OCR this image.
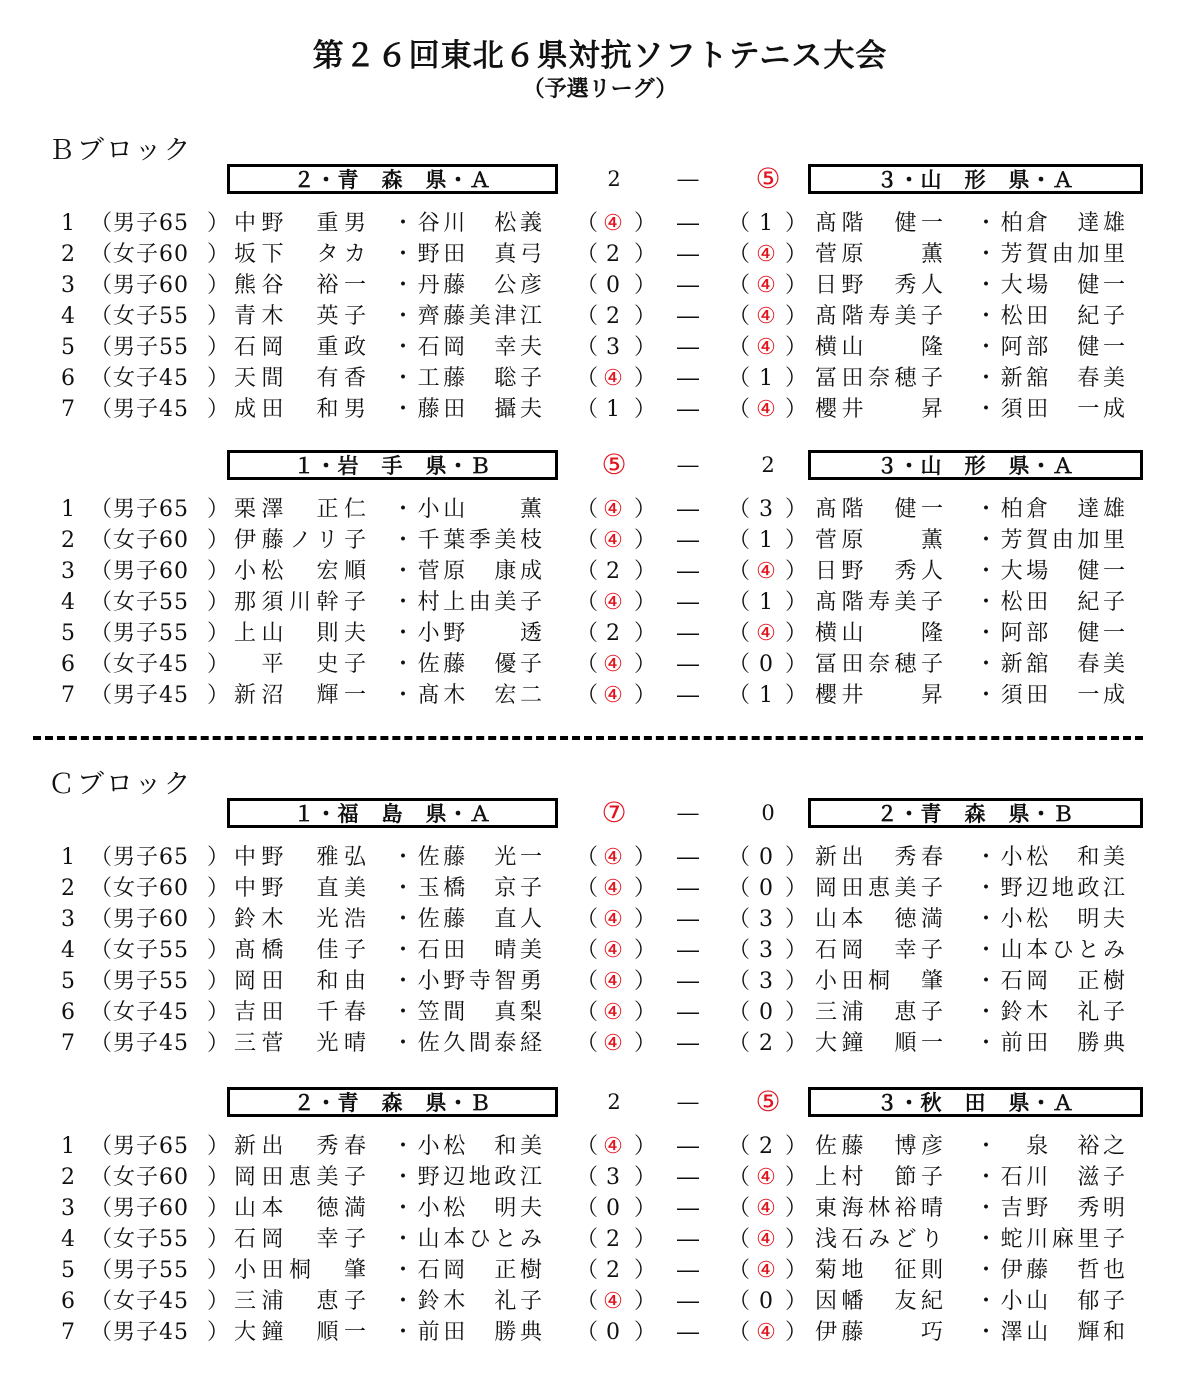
第２６回東北６県対抗ソフトテニス大会
（予選リーグ）
Ｂブロック
２・青　森　県・Ａ	2	―	⑤	３・山　形　県・Ａ
1 （ 男子65 ） 中野　重男 ・谷川　松義 （ ④ ） ― （ 1 ） 髙階　健一 ・柏倉　達雄
2 （ 女子60 ） 坂下　タカ ・野田　真弓 （ 2 ） ― （ ④ ） 菅原　　薫 ・芳賀由加里
3 （ 男子60 ） 熊谷　裕一 ・丹藤　公彦 （ 0 ） ― （ ④ ） 日野　秀人 ・大場　健一
4 （ 女子55 ） 青木　英子 ・齊藤美津江 （ 2 ） ― （ ④ ） 髙階寿美子 ・松田　紀子
5 （ 男子55 ） 石岡　重政 ・石岡　幸夫 （ 3 ） ― （ ④ ） 横山　　隆 ・阿部　健一
6 （ 女子45 ） 天間　有香 ・工藤　聡子 （ ④ ） ― （ 1 ） 冨田奈穂子 ・新舘　春美
7 （ 男子45 ） 成田　和男 ・藤田　攝夫 （ 1 ） ― （ ④ ） 櫻井　　昇 ・須田　一成
１・岩　手　県・Ｂ	⑤	―	2	３・山　形　県・Ａ
1 （ 男子65 ） 栗澤　正仁 ・小山　　薫 （ ④ ） ― （ 3 ） 髙階　健一 ・柏倉　達雄
2 （ 女子60 ） 伊藤ノリ子 ・千葉季美枝 （ ④ ） ― （ 1 ） 菅原　　薫 ・芳賀由加里
3 （ 男子60 ） 小松　宏順 ・菅原　康成 （ 2 ） ― （ ④ ） 日野　秀人 ・大場　健一
4 （ 女子55 ） 那須川幹子 ・村上由美子 （ ④ ） ― （ 1 ） 髙階寿美子 ・松田　紀子
5 （ 男子55 ） 上山　則夫 ・小野　　透 （ 2 ） ― （ ④ ） 横山　　隆 ・阿部　健一
6 （ 女子45 ） 　平　史子 ・佐藤　優子 （ ④ ） ― （ 0 ） 冨田奈穂子 ・新舘　春美
7 （ 男子45 ） 新沼　輝一 ・髙木　宏二 （ ④ ） ― （ 1 ） 櫻井　　昇 ・須田　一成
Ｃブロック
１・福　島　県・Ａ	⑦	―	0	２・青　森　県・Ｂ
1 （ 男子65 ） 中野　雅弘 ・佐藤　光一 （ ④ ） ― （ 0 ） 新出　秀春 ・小松　和美
2 （ 女子60 ） 中野　直美 ・玉橋　京子 （ ④ ） ― （ 0 ） 岡田恵美子 ・野辺地政江
3 （ 男子60 ） 鈴木　光浩 ・佐藤　直人 （ ④ ） ― （ 3 ） 山本　徳満 ・小松　明夫
4 （ 女子55 ） 髙橋　佳子 ・石田　晴美 （ ④ ） ― （ 3 ） 石岡　幸子 ・山本ひとみ
5 （ 男子55 ） 岡田　和由 ・小野寺智勇 （ ④ ） ― （ 3 ） 小田桐　肇 ・石岡　正樹
6 （ 女子45 ） 吉田　千春 ・笠間　真梨 （ ④ ） ― （ 0 ） 三浦　恵子 ・鈴木　礼子
7 （ 男子45 ） 三菅　光晴 ・佐久間泰経 （ ④ ） ― （ 2 ） 大鐘　順一 ・前田　勝典
２・青　森　県・Ｂ	2	―	⑤	３・秋　田　県・Ａ
1 （ 男子65 ） 新出　秀春 ・小松　和美 （ ④ ） ― （ 2 ） 佐藤　博彦 ・　泉　裕之
2 （ 女子60 ） 岡田恵美子 ・野辺地政江 （ 3 ） ― （ ④ ） 上村　節子 ・石川　滋子
3 （ 男子60 ） 山本　徳満 ・小松　明夫 （ 0 ） ― （ ④ ） 東海林裕晴 ・吉野　秀明
4 （ 女子55 ） 石岡　幸子 ・山本ひとみ （ 2 ） ― （ ④ ） 浅石みどり ・蛇川麻里子
5 （ 男子55 ） 小田桐　肇 ・石岡　正樹 （ 2 ） ― （ ④ ） 菊地　征則 ・伊藤　哲也
6 （ 女子45 ） 三浦　恵子 ・鈴木　礼子 （ ④ ） ― （ 0 ） 因幡　友紀 ・小山　郁子
7 （ 男子45 ） 大鐘　順一 ・前田　勝典 （ 0 ） ― （ ④ ） 伊藤　　巧 ・澤山　輝和
